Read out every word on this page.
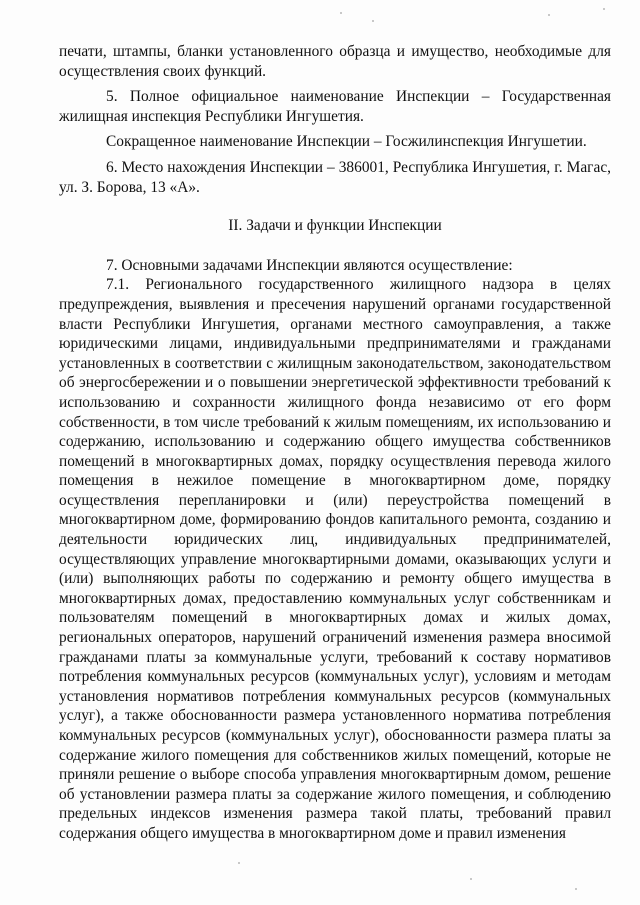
печати, штампы, бланки установленного образца и имущество, необходимые для осуществления своих функций.

5. Полное официальное наименование Инспекции – Государственная жилищная инспекция Республики Ингушетия.

Сокращенное наименование Инспекции – Госжилинспекция Ингушетии.

6. Место нахождения Инспекции – 386001, Республика Ингушетия, г. Магас, ул. З. Борова, 13 «А».

II. Задачи и функции Инспекции

7. Основными задачами Инспекции являются осуществление:

7.1. Регионального государственного жилищного надзора в целях предупреждения, выявления и пресечения нарушений органами государственной власти Республики Ингушетия, органами местного самоуправления, а также юридическими лицами, индивидуальными предпринимателями и гражданами установленных в соответствии с жилищным законодательством, законодательством об энергосбережении и о повышении энергетической эффективности требований к использованию и сохранности жилищного фонда независимо от его форм собственности, в том числе требований к жилым помещениям, их использованию и содержанию, использованию и содержанию общего имущества собственников помещений в многоквартирных домах, порядку осуществления перевода жилого помещения в нежилое помещение в многоквартирном доме, порядку осуществления перепланировки и (или) переустройства помещений в многоквартирном доме, формированию фондов капитального ремонта, созданию и деятельности юридических лиц, индивидуальных предпринимателей, осуществляющих управление многоквартирными домами, оказывающих услуги и (или) выполняющих работы по содержанию и ремонту общего имущества в многоквартирных домах, предоставлению коммунальных услуг собственникам и пользователям помещений в многоквартирных домах и жилых домах, региональных операторов, нарушений ограничений изменения размера вносимой гражданами платы за коммунальные услуги, требований к составу нормативов потребления коммунальных ресурсов (коммунальных услуг), условиям и методам установления нормативов потребления коммунальных ресурсов (коммунальных услуг), а также обоснованности размера установленного норматива потребления коммунальных ресурсов (коммунальных услуг), обоснованности размера платы за содержание жилого помещения для собственников жилых помещений, которые не приняли решение о выборе способа управления многоквартирным домом, решение об установлении размера платы за содержание жилого помещения, и соблюдению предельных индексов изменения размера такой платы, требований правил содержания общего имущества в многоквартирном доме и правил изменения
